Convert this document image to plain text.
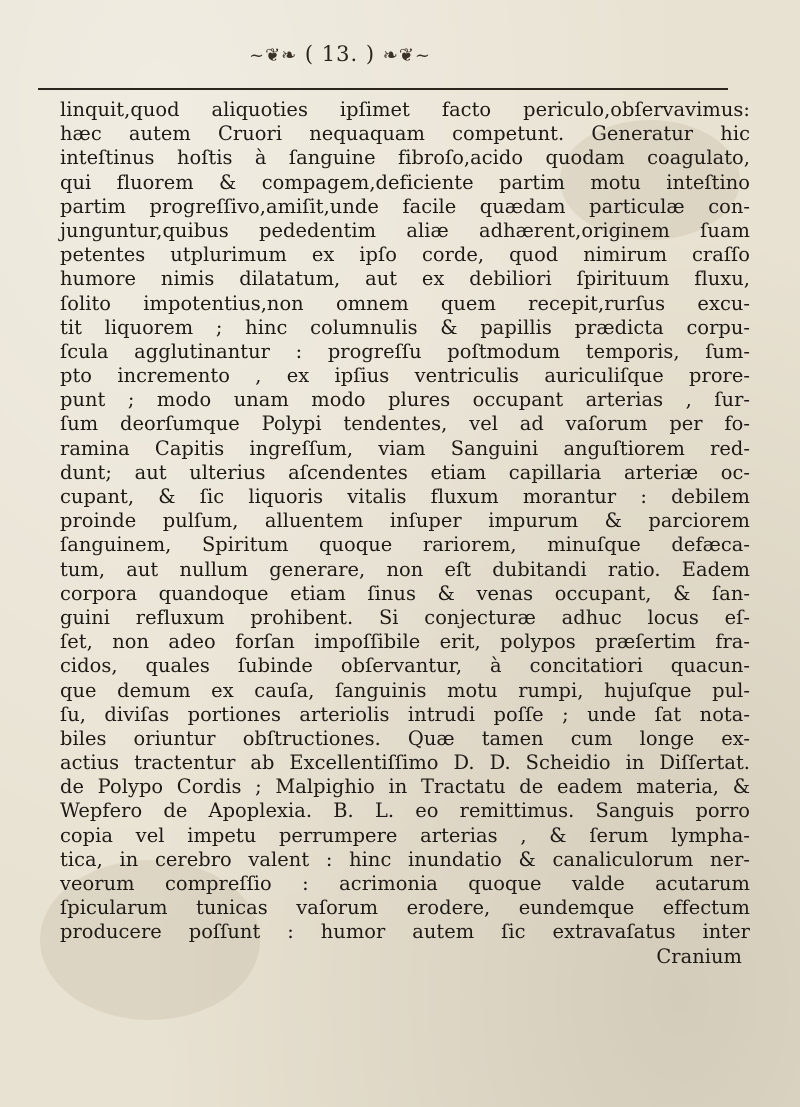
~❦❧ ( 13. ) ❧❦~
linquit,quod aliquoties ipſimet facto periculo,obſervavimus:
hæc autem Cruori nequaquam competunt. Generatur hic
inteſtinus hoſtis à ſanguine fibroſo,acido quodam coagulato,
qui fluorem & compagem,deficiente partim motu inteſtino
partim progreſſivo,amiſit,unde facile quædam particulæ con-
junguntur,quibus pededentim aliæ adhærent,originem ſuam
petentes utplurimum ex ipſo corde, quod nimirum craſſo
humore nimis dilatatum, aut ex debiliori ſpirituum fluxu,
ſolito impotentius,non omnem quem recepit,rurſus excu-
tit liquorem ; hinc columnulis & papillis prædicta corpu-
ſcula agglutinantur : progreſſu poſtmodum temporis, ſum-
pto incremento , ex ipſius ventriculis auriculiſque prore-
punt ; modo unam modo plures occupant arterias , ſur-
ſum deorſumque Polypi tendentes, vel ad vaſorum per fo-
ramina Capitis ingreſſum, viam Sanguini anguſtiorem red-
dunt; aut ulterius aſcendentes etiam capillaria arteriæ oc-
cupant, & ſic liquoris vitalis fluxum morantur : debilem
proinde pulſum, alluentem inſuper impurum & parciorem
ſanguinem, Spiritum quoque rariorem, minuſque defæca-
tum, aut nullum generare, non eſt dubitandi ratio. Eadem
corpora quandoque etiam ſinus & venas occupant, & ſan-
guini refluxum prohibent. Si conjecturæ adhuc locus eſ-
ſet, non adeo forſan impoſſibile erit, polypos præſertim fra-
cidos, quales ſubinde obſervantur, à concitatiori quacun-
que demum ex cauſa, ſanguinis motu rumpi, hujuſque pul-
ſu, diviſas portiones arteriolis intrudi poſſe ; unde ſat nota-
biles oriuntur obſtructiones. Quæ tamen cum longe ex-
actius tractentur ab Excellentiſſimo D. D. Scheidio in Diſſertat.
de Polypo Cordis ; Malpighio in Tractatu de eadem materia, &
Wepfero de Apoplexia. B. L. eo remittimus. Sanguis porro
copia vel impetu perrumpere arterias , & ſerum lympha-
tica, in cerebro valent : hinc inundatio & canaliculorum ner-
veorum compreſſio : acrimonia quoque valde acutarum
ſpicularum tunicas vaſorum erodere, eundemque effectum
producere poſſunt : humor autem ſic extravaſatus inter
Cranium
